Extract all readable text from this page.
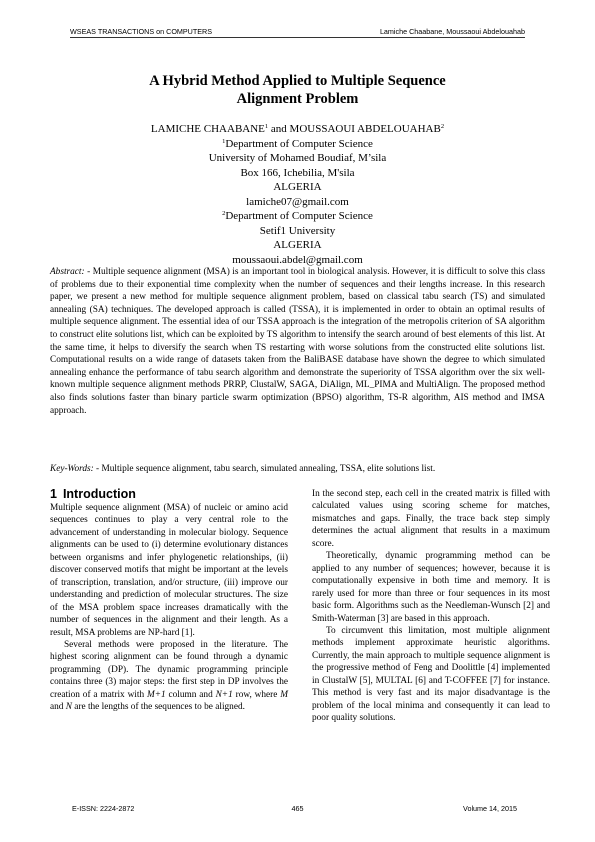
WSEAS TRANSACTIONS on COMPUTERS	Lamiche Chaabane, Moussaoui Abdelouahab
A Hybrid Method Applied to Multiple Sequence
Alignment Problem
LAMICHE CHAABANE$^1$ and MOUSSAOUI ABDELOUAHAB$^2$
$^1$Department of Computer Science
University of Mohamed Boudiaf, M’sila
Box 166, Ichebilia, M'sila
ALGERIA
lamiche07@gmail.com
$^2$Department of Computer Science
Setif1 University
ALGERIA
moussaoui.abdel@gmail.com

Abstract: - Multiple sequence alignment (MSA) is an important tool in biological analysis. However, it is difficult to solve this class of problems due to their exponential time complexity when the number of sequences and their lengths increase. In this research paper, we present a new method for multiple sequence alignment problem, based on classical tabu search (TS) and simulated annealing (SA) techniques. The developed approach is called (TSSA), it is implemented in order to obtain an optimal results of multiple sequence alignment. The essential idea of our TSSA approach is the integration of the metropolis criterion of SA algorithm to construct elite solutions list, which can be exploited by TS algorithm to intensify the search around of best elements of this list. At the same time, it helps to diversify the search when TS restarting with worse solutions from the constructed elite solutions list. Computational results on a wide range of datasets taken from the BaliBASE database have shown the degree to which simulated annealing enhance the performance of tabu search algorithm and demonstrate the superiority of TSSA algorithm over the six well-known multiple sequence alignment methods PRRP, ClustalW, SAGA, DiAlign, ML_PIMA and MultiAlign. The proposed method also finds solutions faster than binary particle swarm optimization (BPSO) algorithm, TS-R algorithm, AIS method and IMSA approach.

Key-Words: - Multiple sequence alignment, tabu search, simulated annealing, TSSA, elite solutions list.

1 Introduction

Multiple sequence alignment (MSA) of nucleic or amino acid sequences continues to play a very central role to the advancement of understanding in molecular biology. Sequence alignments can be used to (i) determine evolutionary distances between organisms and infer phylogenetic relationships, (ii) discover conserved motifs that might be important at the levels of transcription, translation, and/or structure, (iii) improve our understanding and prediction of molecular structures. The size of the MSA problem space increases dramatically with the number of sequences in the alignment and their length. As a result, MSA problems are NP-hard [1].

Several methods were proposed in the literature. The highest scoring alignment can be found through a dynamic programming (DP). The dynamic programming principle contains three (3) major steps: the first step in DP involves the creation of a matrix with M+1 column and N+1 row, where M and N are the lengths of the sequences to be aligned.

In the second step, each cell in the created matrix is filled with calculated values using scoring scheme for matches, mismatches and gaps. Finally, the trace back step simply determines the actual alignment that results in a maximum score.

Theoretically, dynamic programming method can be applied to any number of sequences; however, because it is computationally expensive in both time and memory. It is rarely used for more than three or four sequences in its most basic form. Algorithms such as the Needleman-Wunsch [2] and Smith-Waterman [3] are based in this approach.

To circumvent this limitation, most multiple alignment methods implement approximate heuristic algorithms. Currently, the main approach to multiple sequence alignment is the progressive method of Feng and Doolittle [4] implemented in ClustalW [5], MULTAL [6] and T-COFFEE [7] for instance. This method is very fast and its major disadvantage is the problem of the local minima and consequently it can lead to poor quality solutions.

E-ISSN: 2224-2872	465	Volume 14, 2015
